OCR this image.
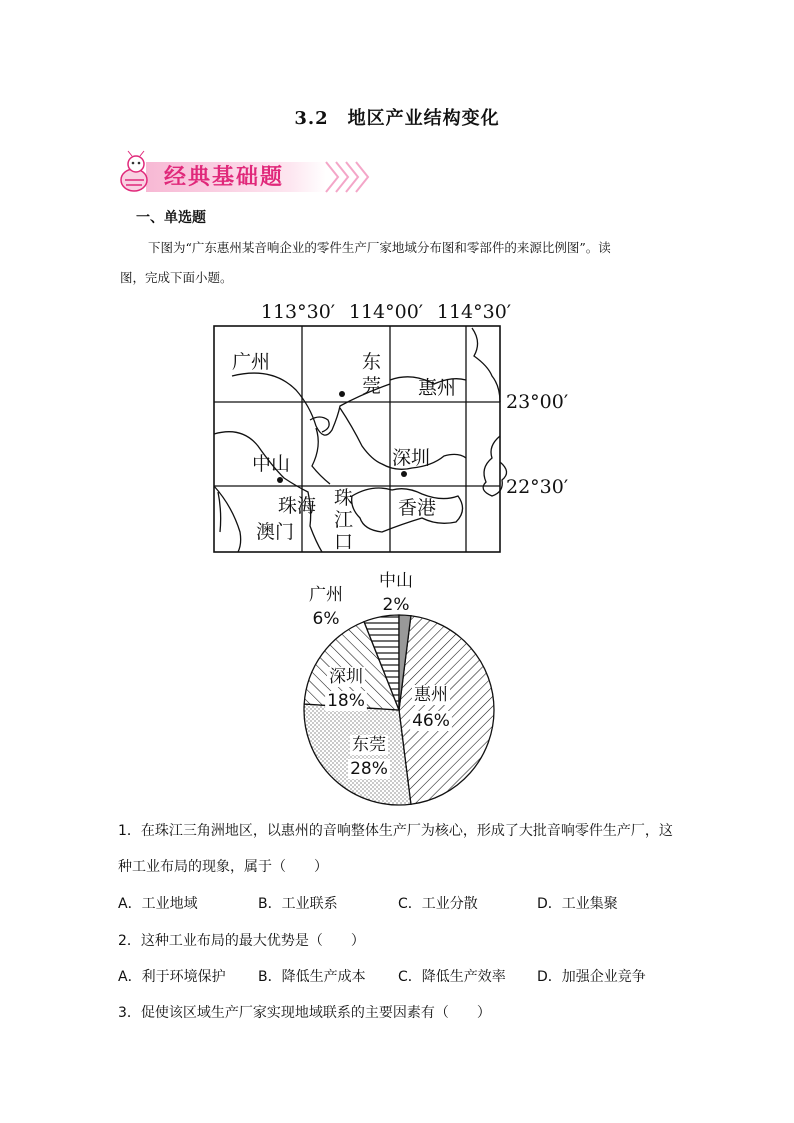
3.2　地区产业结构变化
经典基础题
一、单选题
下图为“广东惠州某音响企业的零件生产厂家地域分布图和零部件的来源比例图”。读
图，完成下面小题。
113°30′ 114°00′ 114°30′
23°00′
22°30′
广州	东
莞 惠州
中山	深圳
珠海
澳门
香港
珠
江
口
惠州
46%
东莞
28%
深圳
18%
广州
6%
中山
2%
1．在珠江三角洲地区，以惠州的音响整体生产厂为核心，形成了大批音响零件生产厂，这
种工业布局的现象，属于（　　）
A．工业地域	B．工业联系	C．工业分散	D．工业集聚
2．这种工业布局的最大优势是（　　）
A．利于环境保护 B．降低生产成本 C．降低生产效率 D．加强企业竞争
3．促使该区域生产厂家实现地域联系的主要因素有（　　）
